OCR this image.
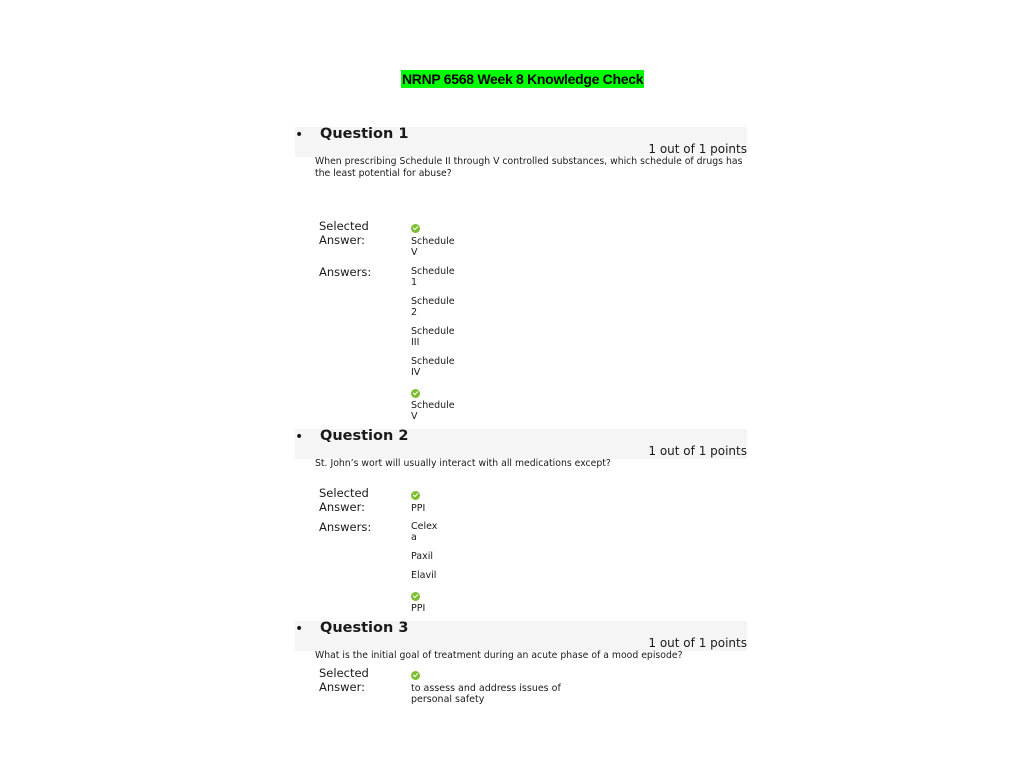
NRNP 6568 Week 8 Knowledge Check
• Question 1
1 out of 1 points
When prescribing Schedule II through V controlled substances, which schedule of drugs has the least potential for abuse?
Selected
Answer:	Schedule V
Answers:	Schedule 1
Schedule 2
Schedule III
Schedule IV
Schedule V
• Question 2
1 out of 1 points
St. John’s wort will usually interact with all medications except?
Selected
Answer:	PPI
Answers:	Celexa
Paxil
Elavil
PPI
• Question 3
1 out of 1 points
What is the initial goal of treatment during an acute phase of a mood episode?
Selected
Answer:	to assess and address issues of personal safety
